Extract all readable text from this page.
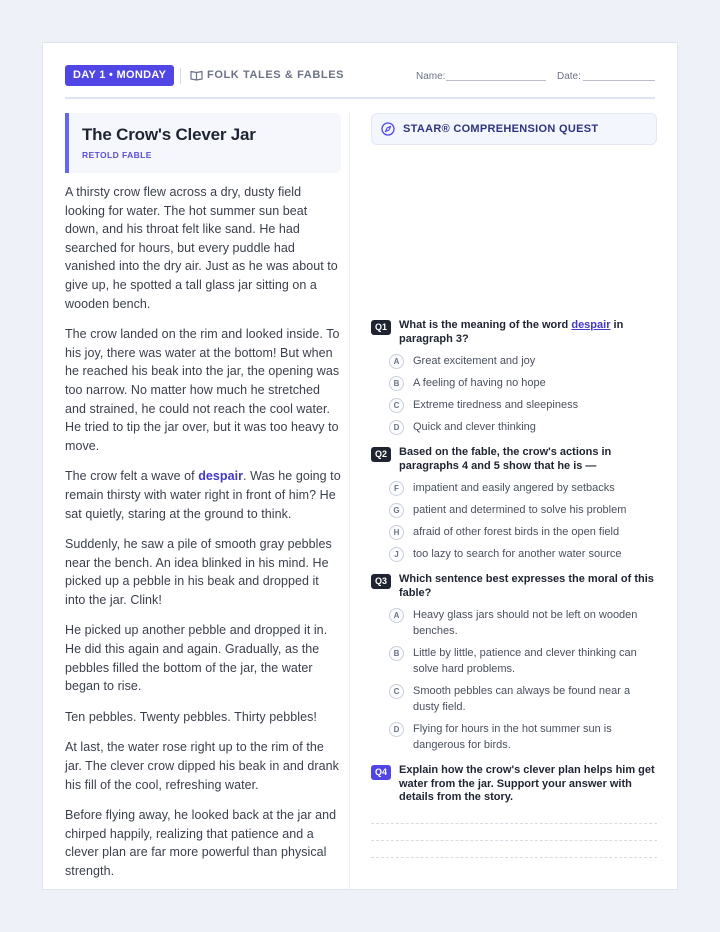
DAY 1 • MONDAY	FOLK TALES & FABLES	Name:	Date:
The Crow's Clever Jar
RETOLD FABLE

A thirsty crow flew across a dry, dusty field looking for water. The hot summer sun beat down, and his throat felt like sand. He had searched for hours, but every puddle had vanished into the dry air. Just as he was about to give up, he spotted a tall glass jar sitting on a wooden bench.

The crow landed on the rim and looked inside. To his joy, there was water at the bottom! But when he reached his beak into the jar, the opening was too narrow. No matter how much he stretched and strained, he could not reach the cool water. He tried to tip the jar over, but it was too heavy to move.

The crow felt a wave of despair. Was he going to remain thirsty with water right in front of him? He sat quietly, staring at the ground to think.

Suddenly, he saw a pile of smooth gray pebbles near the bench. An idea blinked in his mind. He picked up a pebble in his beak and dropped it into the jar. Clink!

He picked up another pebble and dropped it in. He did this again and again. Gradually, as the pebbles filled the bottom of the jar, the water began to rise.

Ten pebbles. Twenty pebbles. Thirty pebbles!

At last, the water rose right up to the rim of the jar. The clever crow dipped his beak in and drank his fill of the cool, refreshing water.

Before flying away, he looked back at the jar and chirped happily, realizing that patience and a clever plan are far more powerful than physical strength.

STAAR® COMPREHENSION QUEST
Q1	What is the meaning of the word despair in paragraph 3?
A	Great excitement and joy
B	A feeling of having no hope
C	Extreme tiredness and sleepiness
D	Quick and clever thinking
Q2	Based on the fable, the crow's actions in paragraphs 4 and 5 show that he is —
F	impatient and easily angered by setbacks
G	patient and determined to solve his problem
H	afraid of other forest birds in the open field
J	too lazy to search for another water source
Q3	Which sentence best expresses the moral of this fable?
A	Heavy glass jars should not be left on wooden benches.
B	Little by little, patience and clever thinking can solve hard problems.
C	Smooth pebbles can always be found near a dusty field.
D	Flying for hours in the hot summer sun is dangerous for birds.
Q4	Explain how the crow's clever plan helps him get water from the jar. Support your answer with details from the story.
